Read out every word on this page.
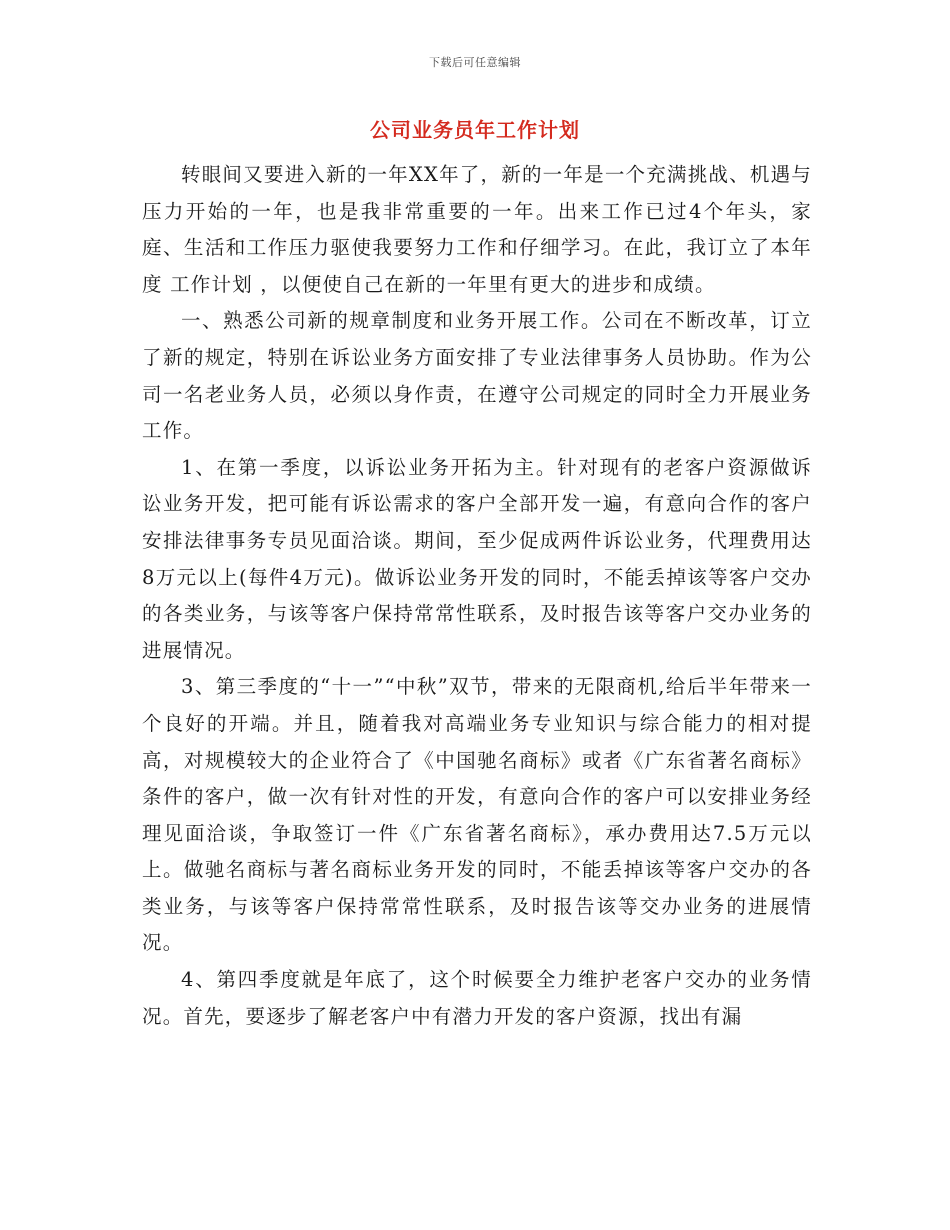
下载后可任意编辑
公司业务员年工作计划

转眼间又要进入新的一年XX年了，新的一年是一个充满挑战、机遇与压力开始的一年，也是我非常重要的一年。出来工作已过4个年头，家庭、生活和工作压力驱使我要努力工作和仔细学习。在此，我订立了本年度 工作计划 ，以便使自己在新的一年里有更大的进步和成绩。

一、熟悉公司新的规章制度和业务开展工作。公司在不断改革，订立了新的规定，特别在诉讼业务方面安排了专业法律事务人员协助。作为公司一名老业务人员，必须以身作责，在遵守公司规定的同时全力开展业务工作。

1、在第一季度，以诉讼业务开拓为主。针对现有的老客户资源做诉讼业务开发，把可能有诉讼需求的客户全部开发一遍，有意向合作的客户安排法律事务专员见面洽谈。期间，至少促成两件诉讼业务，代理费用达8万元以上(每件4万元)。做诉讼业务开发的同时，不能丢掉该等客户交办的各类业务，与该等客户保持常常性联系，及时报告该等客户交办业务的进展情况。

3、第三季度的“十一”“中秋”双节，带来的无限商机,给后半年带来一个良好的开端。并且，随着我对高端业务专业知识与综合能力的相对提高，对规模较大的企业符合了《中国驰名商标》或者《广东省著名商标》条件的客户，做一次有针对性的开发，有意向合作的客户可以安排业务经理见面洽谈，争取签订一件《广东省著名商标》，承办费用达7.5万元以上。做驰名商标与著名商标业务开发的同时，不能丢掉该等客户交办的各类业务，与该等客户保持常常性联系，及时报告该等交办业务的进展情况。

4、第四季度就是年底了，这个时候要全力维护老客户交办的业务情况。首先，要逐步了解老客户中有潜力开发的客户资源，找出有漏
